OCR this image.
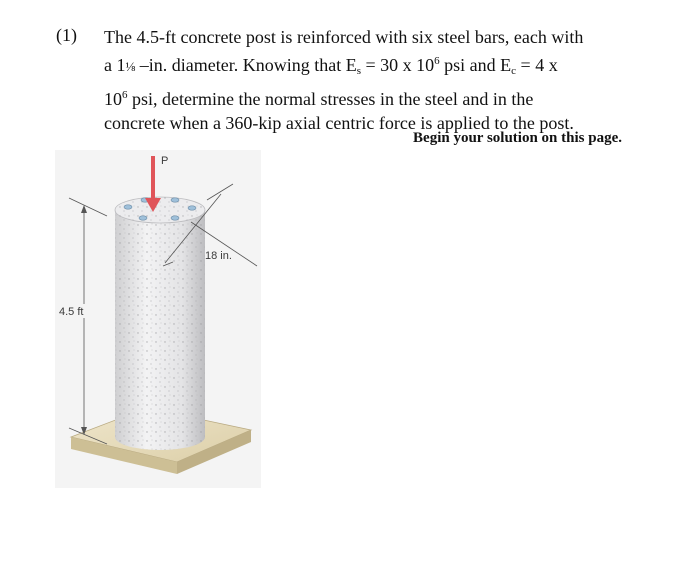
(1) The 4.5-ft concrete post is reinforced with six steel bars, each with
a 1⅛ –in. diameter. Knowing that $E_s = 30$ x $10^6$ psi and $E_c = 4$ x
$10^6$ psi, determine the normal stresses in the steel and in the
concrete when a 360-kip axial centric force is applied to the post.
Begin your solution on this page.
P
4.5 ft
18 in.
